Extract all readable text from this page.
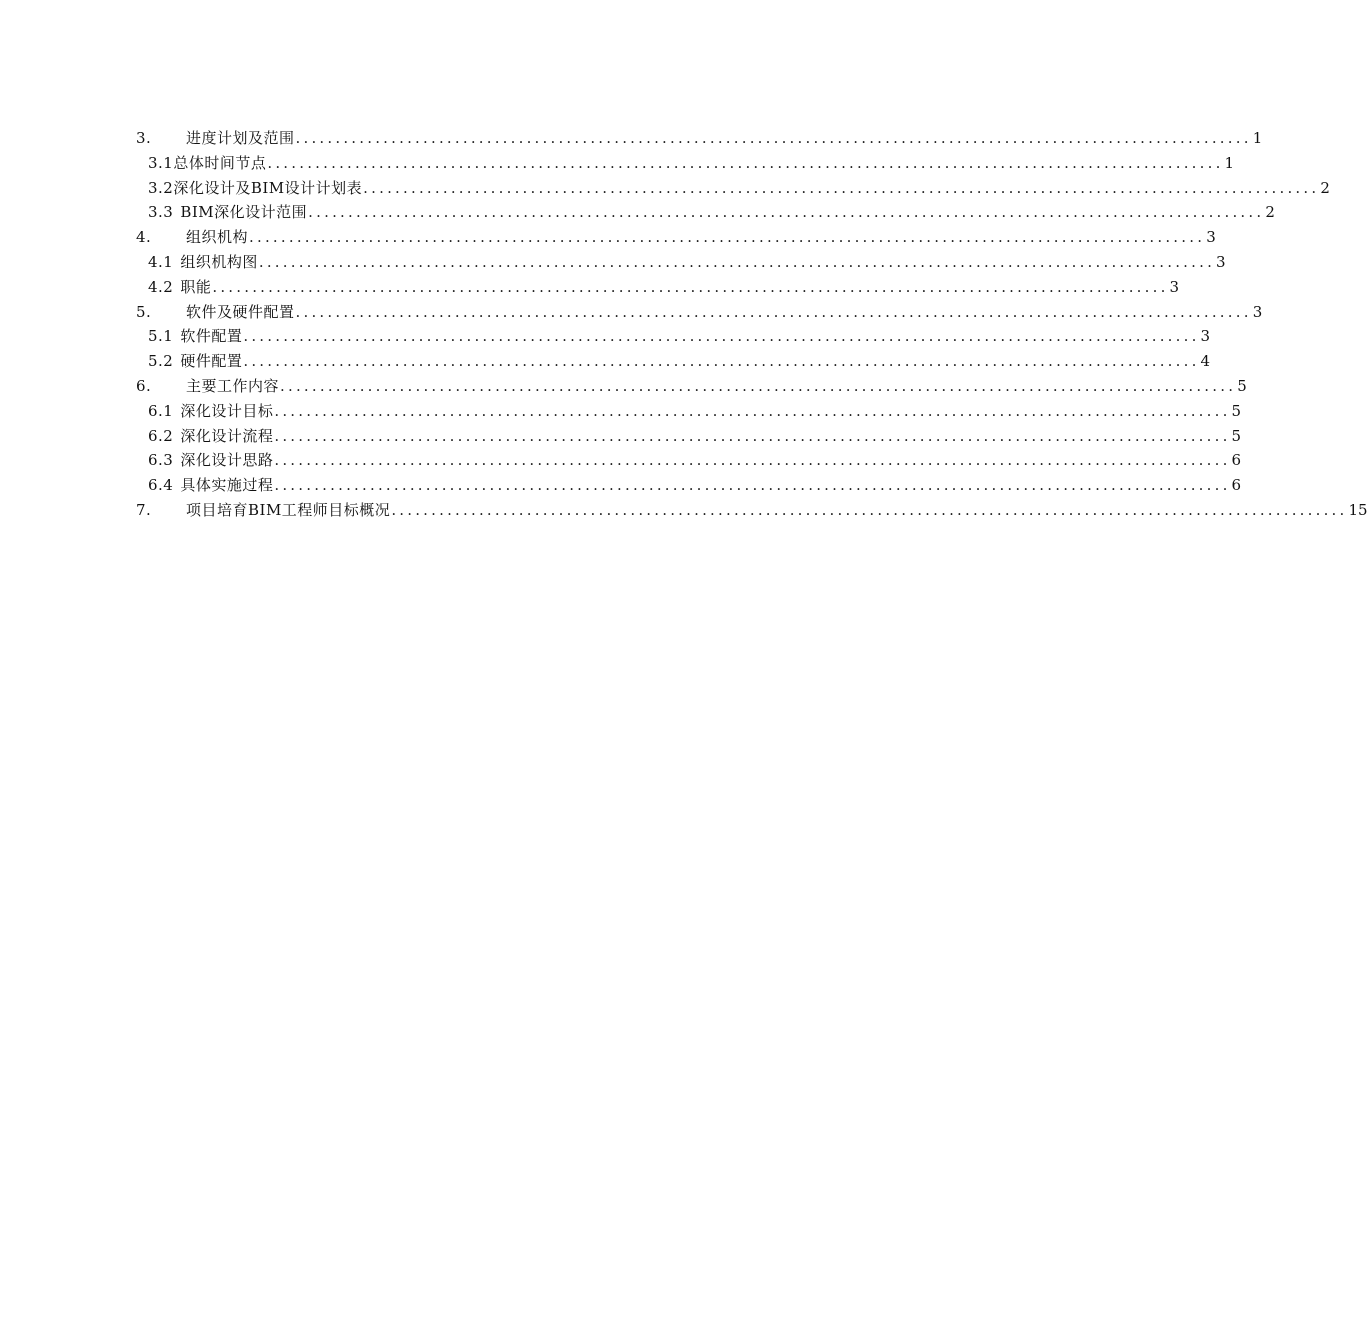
3.	进度计划及范围 ........................................................................................................................ 1
3.1 总体时间节点 ........................................................................................................................ 1
3.2 深化设计及BIM设计计划表 ........................................................................................................................ 2
3.3 BIM深化设计范围 ........................................................................................................................ 2
4.	组织机构 ........................................................................................................................ 3
4.1 组织机构图 ........................................................................................................................ 3
4.2 职能 ........................................................................................................................ 3
5.	软件及硬件配置 ........................................................................................................................ 3
5.1 软件配置 ........................................................................................................................ 3
5.2 硬件配置 ........................................................................................................................ 4
6.	主要工作内容 ........................................................................................................................ 5
6.1 深化设计目标 ........................................................................................................................ 5
6.2 深化设计流程 ........................................................................................................................ 5
6.3 深化设计思路 ........................................................................................................................ 6
6.4 具体实施过程 ........................................................................................................................ 6
7.	项目培育BIM工程师目标概况 ........................................................................................................................ 15
